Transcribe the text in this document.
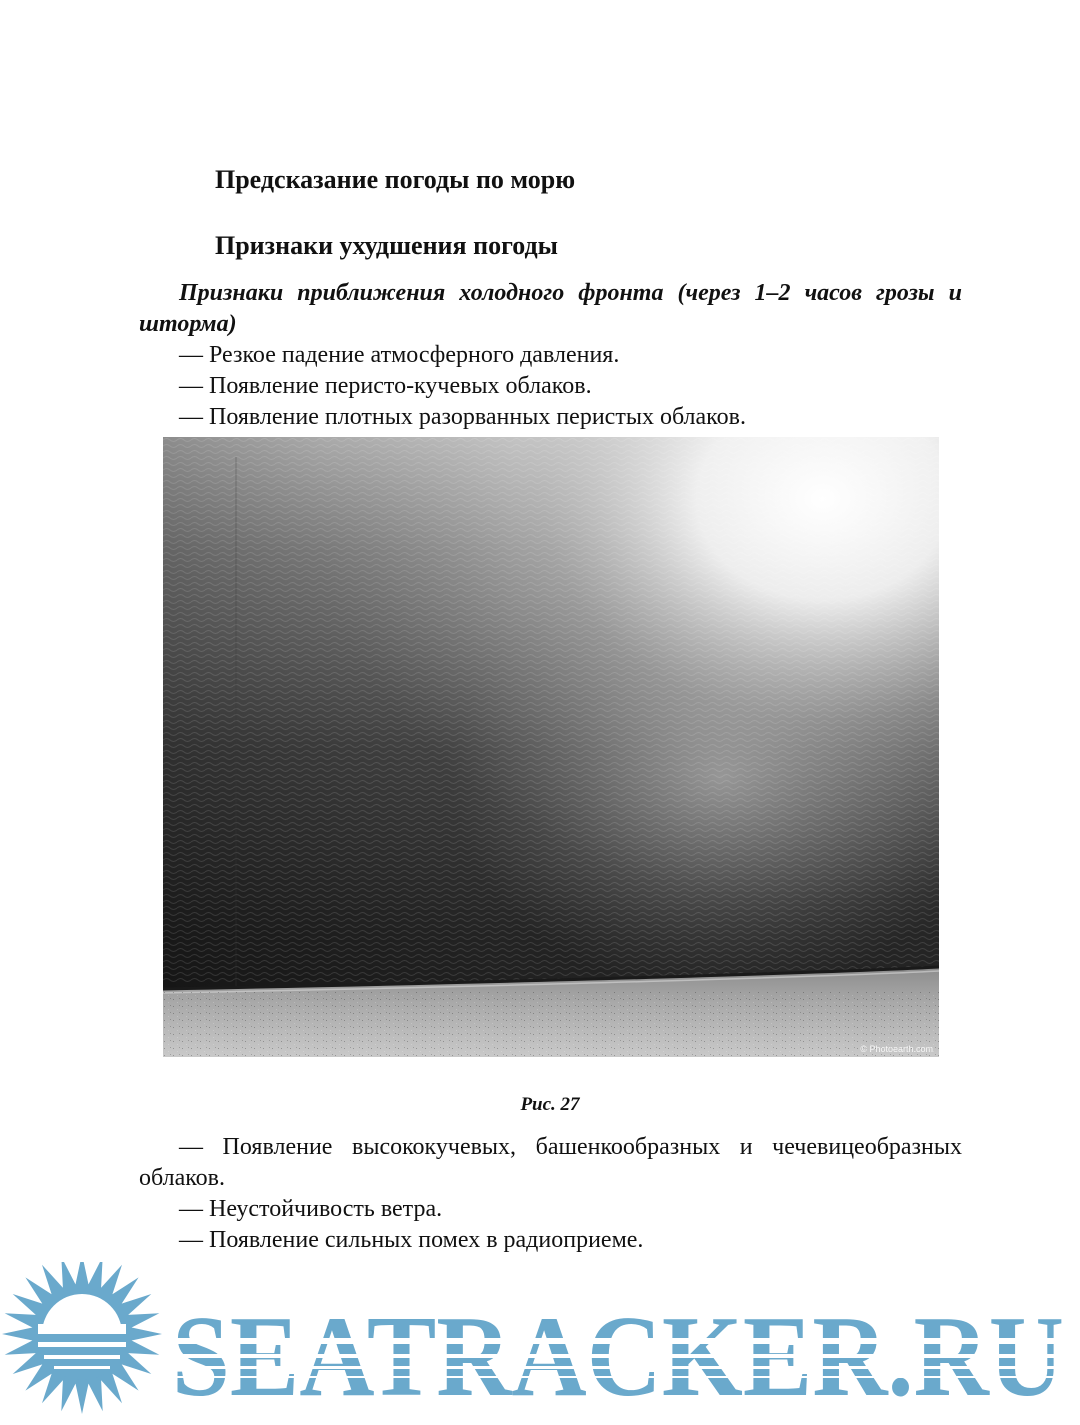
Предсказание погоды по морю
Признаки ухудшения погоды

Признаки приближения холодного фронта (через 1–2 часов грозы и шторма)

— Резкое падение атмосферного давления.

— Появление перисто-кучевых облаков.

— Появление плотных разорванных перистых облаков.

© Photoearth.com
Рис. 27

— Появление высококучевых, башенкообразных и чечевицеобразных облаков.

— Неустойчивость ветра.

— Появление сильных помех в радиоприеме.
